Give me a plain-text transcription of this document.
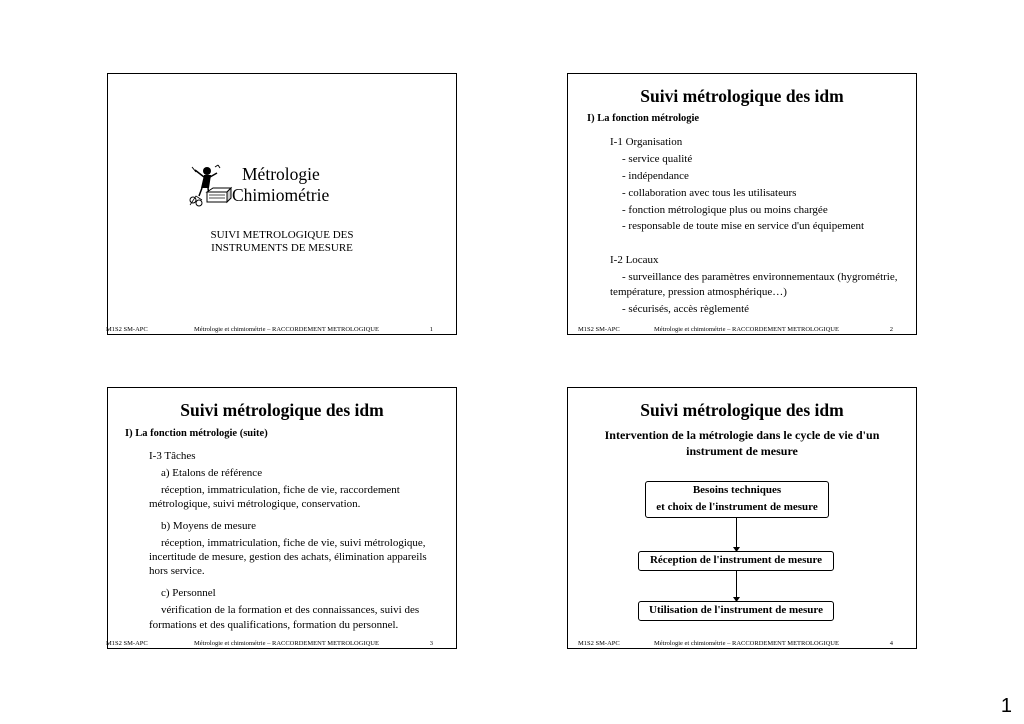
Métrologie
Chimiométrie
SUIVI METROLOGIQUE DES
INSTRUMENTS DE MESURE
M1S2 SM-APC	Métrologie et chimiométrie – RACCORDEMENT METROLOGIQUE	1
Suivi métrologique des idm
I) La fonction métrologie
I-1 Organisation
- service qualité
- indépendance
- collaboration avec tous les utilisateurs
- fonction métrologique plus ou moins chargée
- responsable de toute mise en service d'un équipement
I-2 Locaux
- surveillance des paramètres environnementaux (hygrométrie,
température, pression atmosphérique…)
- sécurisés, accès règlementé
M1S2 SM-APC	Métrologie et chimiométrie – RACCORDEMENT METROLOGIQUE	2
Suivi métrologique des idm
I) La fonction métrologie (suite)
I-3 Tâches
a) Etalons de référence
réception, immatriculation, fiche de vie, raccordement
métrologique, suivi métrologique, conservation.
b) Moyens de mesure
réception, immatriculation, fiche de vie, suivi métrologique,
incertitude de mesure, gestion des achats, élimination appareils
hors service.
c) Personnel
vérification de la formation et des connaissances, suivi des
formations et des qualifications, formation du personnel.
M1S2 SM-APC	Métrologie et chimiométrie – RACCORDEMENT METROLOGIQUE	3
Suivi métrologique des idm
Intervention de la métrologie dans le cycle de vie d'un
instrument de mesure
Besoins techniques
et choix de l'instrument de mesure
Réception de l'instrument de mesure
Utilisation de l'instrument de mesure
M1S2 SM-APC	Métrologie et chimiométrie – RACCORDEMENT METROLOGIQUE	4
1
